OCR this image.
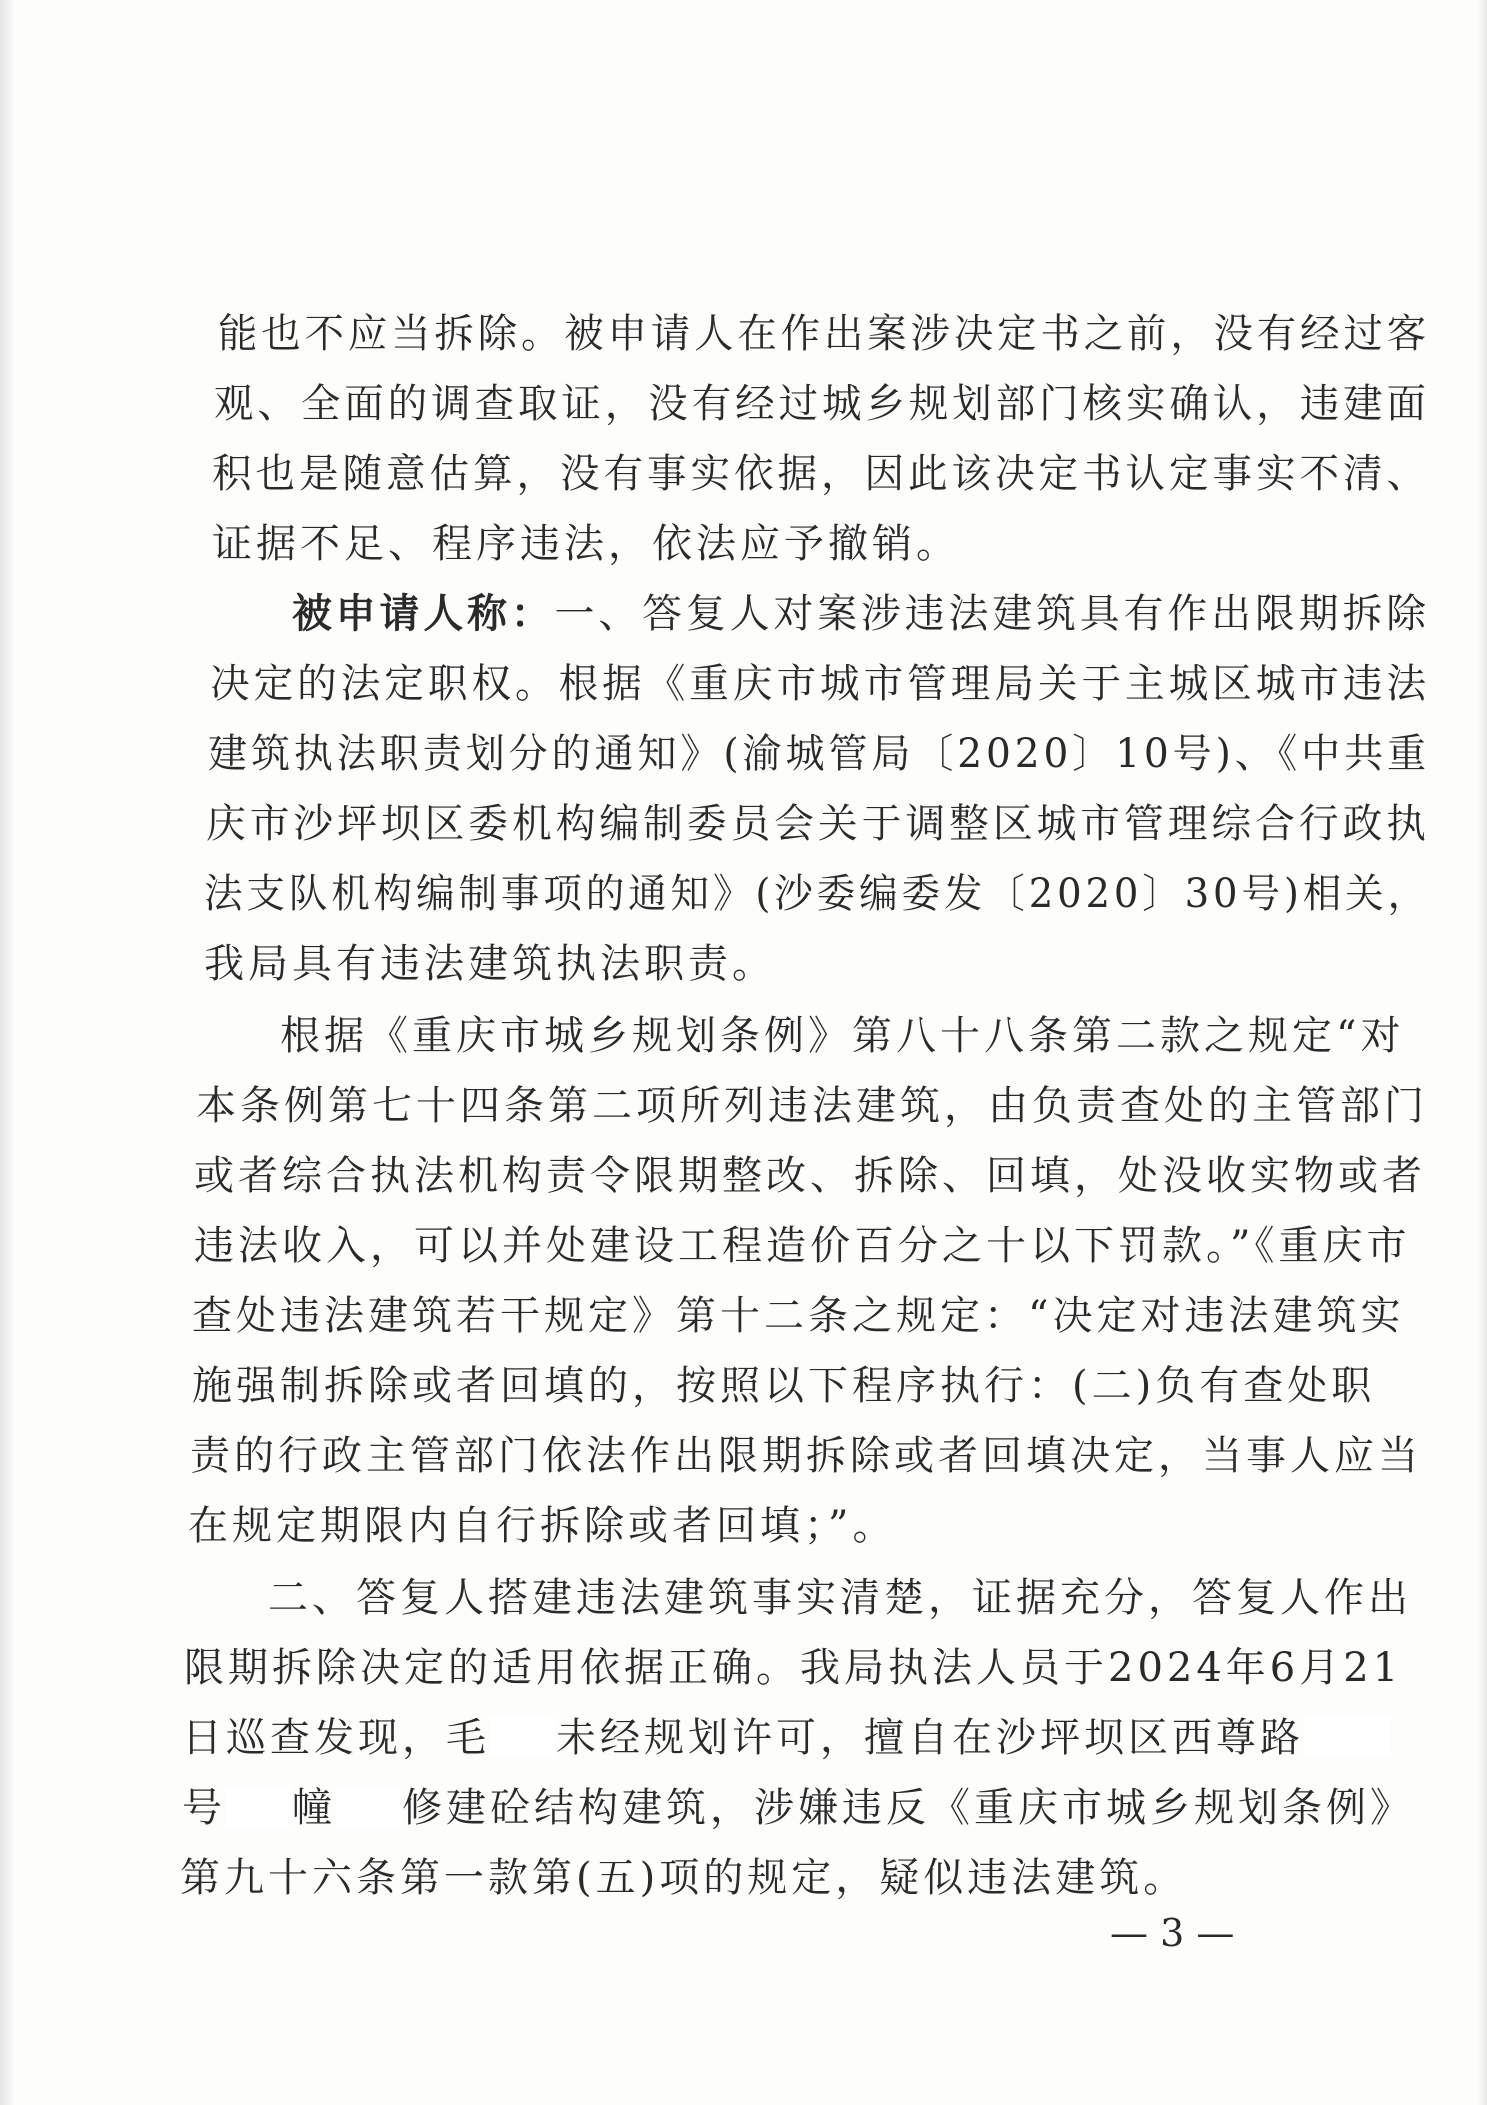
能也不应当拆除。被申请人在作出案涉决定书之前，没有经过客
观、全面的调查取证，没有经过城乡规划部门核实确认，违建面
积也是随意估算，没有事实依据，因此该决定书认定事实不清、
证据不足、程序违法，依法应予撤销。
被申请人称：一、答复人对案涉违法建筑具有作出限期拆除
决定的法定职权。根据《重庆市城市管理局关于主城区城市违法
建筑执法职责划分的通知》(渝城管局〔2020〕10号)、《中共重
庆市沙坪坝区委机构编制委员会关于调整区城市管理综合行政执
法支队机构编制事项的通知》(沙委编委发〔2020〕30号)相关，
我局具有违法建筑执法职责。
根据《重庆市城乡规划条例》第八十八条第二款之规定“对
本条例第七十四条第二项所列违法建筑，由负责查处的主管部门
或者综合执法机构责令限期整改、拆除、回填，处没收实物或者
违法收入，可以并处建设工程造价百分之十以下罚款。”《重庆市
查处违法建筑若干规定》第十二条之规定：“决定对违法建筑实
施强制拆除或者回填的，按照以下程序执行：(二)负有查处职
责的行政主管部门依法作出限期拆除或者回填决定，当事人应当
在规定期限内自行拆除或者回填；”。
二、答复人搭建违法建筑事实清楚，证据充分，答复人作出
限期拆除决定的适用依据正确。我局执法人员于2024年6月21
日巡查发现，毛 未经规划许可，擅自在沙坪坝区西尊路
号 幢 修建砼结构建筑，涉嫌违反《重庆市城乡规划条例》
第九十六条第一款第(五)项的规定，疑似违法建筑。
— 3 —
